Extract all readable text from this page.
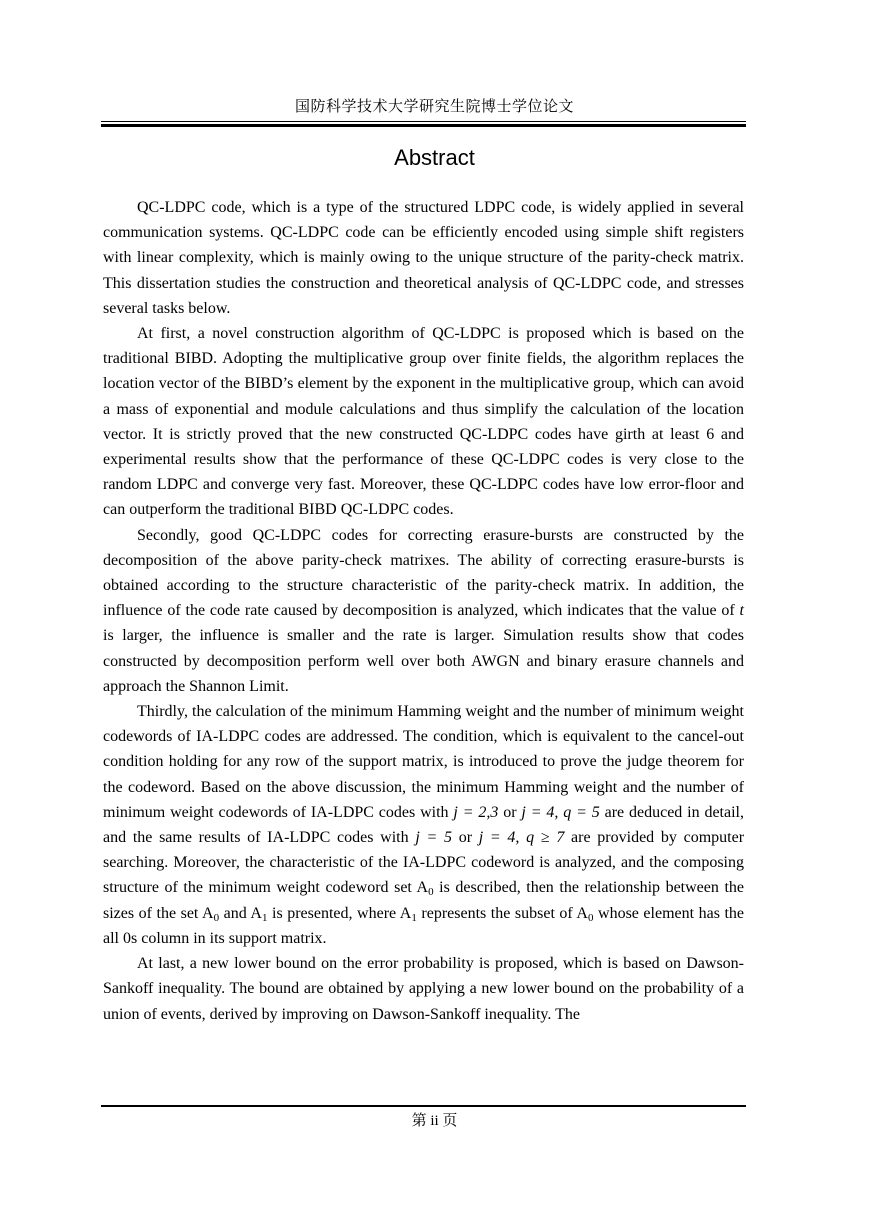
国防科学技术大学研究生院博士学位论文
Abstract

QC-LDPC code, which is a type of the structured LDPC code, is widely applied in several communication systems. QC-LDPC code can be efficiently encoded using simple shift registers with linear complexity, which is mainly owing to the unique structure of the parity-check matrix. This dissertation studies the construction and theoretical analysis of QC-LDPC code, and stresses several tasks below.

At first, a novel construction algorithm of QC-LDPC is proposed which is based on the traditional BIBD. Adopting the multiplicative group over finite fields, the algorithm replaces the location vector of the BIBD’s element by the exponent in the multiplicative group, which can avoid a mass of exponential and module calculations and thus simplify the calculation of the location vector. It is strictly proved that the new constructed QC-LDPC codes have girth at least 6 and experimental results show that the performance of these QC-LDPC codes is very close to the random LDPC and converge very fast. Moreover, these QC-LDPC codes have low error-floor and can outperform the traditional BIBD QC-LDPC codes.

Secondly, good QC-LDPC codes for correcting erasure-bursts are constructed by the decomposition of the above parity-check matrixes. The ability of correcting erasure-bursts is obtained according to the structure characteristic of the parity-check matrix. In addition, the influence of the code rate caused by decomposition is analyzed, which indicates that the value of t is larger, the influence is smaller and the rate is larger. Simulation results show that codes constructed by decomposition perform well over both AWGN and binary erasure channels and approach the Shannon Limit.

Thirdly, the calculation of the minimum Hamming weight and the number of minimum weight codewords of IA-LDPC codes are addressed. The condition, which is equivalent to the cancel-out condition holding for any row of the support matrix, is introduced to prove the judge theorem for the codeword. Based on the above discussion, the minimum Hamming weight and the number of minimum weight codewords of IA-LDPC codes with j = 2,3 or j = 4, q = 5 are deduced in detail, and the same results of IA-LDPC codes with j = 5 or j = 4, q ≥ 7 are provided by computer searching. Moreover, the characteristic of the IA-LDPC codeword is analyzed, and the composing structure of the minimum weight codeword set $A_0$ is described, then the relationship between the sizes of the set $A_0$ and $A_1$ is presented, where $A_1$ represents the subset of $A_0$ whose element has the all 0s column in its support matrix.

At last, a new lower bound on the error probability is proposed, which is based on Dawson-Sankoff inequality. The bound are obtained by applying a new lower bound on the probability of a union of events, derived by improving on Dawson-Sankoff inequality. The

第 ii 页
